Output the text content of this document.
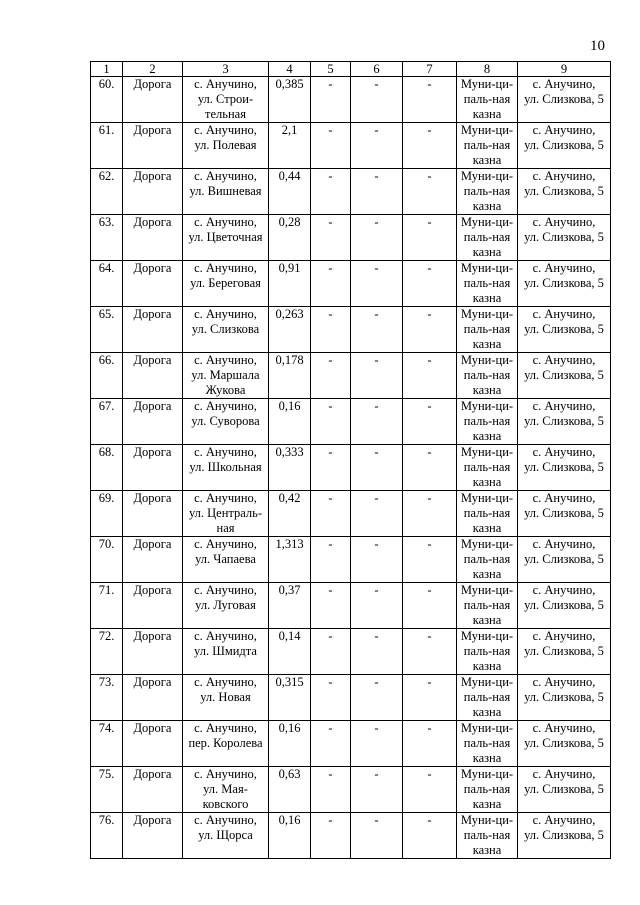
10
1	2	3	4	5	6	7	8	9
60.	Дорога	с. Анучино,
ул. Строи-
тельная	0,385	-	-	-	Муни-ци-
паль-ная
казна	с. Анучино,
ул. Слизкова, 5
61.	Дорога	с. Анучино,
ул. Полевая	2,1	-	-	-	Муни-ци-
паль-ная
казна	с. Анучино,
ул. Слизкова, 5
62.	Дорога	с. Анучино,
ул. Вишневая	0,44	-	-	-	Муни-ци-
паль-ная
казна	с. Анучино,
ул. Слизкова, 5
63.	Дорога	с. Анучино,
ул. Цветочная	0,28	-	-	-	Муни-ци-
паль-ная
казна	с. Анучино,
ул. Слизкова, 5
64.	Дорога	с. Анучино,
ул. Береговая	0,91	-	-	-	Муни-ци-
паль-ная
казна	с. Анучино,
ул. Слизкова, 5
65.	Дорога	с. Анучино,
ул. Слизкова	0,263	-	-	-	Муни-ци-
паль-ная
казна	с. Анучино,
ул. Слизкова, 5
66.	Дорога	с. Анучино,
ул. Маршала
Жукова	0,178	-	-	-	Муни-ци-
паль-ная
казна	с. Анучино,
ул. Слизкова, 5
67.	Дорога	с. Анучино,
ул. Суворова	0,16	-	-	-	Муни-ци-
паль-ная
казна	с. Анучино,
ул. Слизкова, 5
68.	Дорога	с. Анучино,
ул. Школьная	0,333	-	-	-	Муни-ци-
паль-ная
казна	с. Анучино,
ул. Слизкова, 5
69.	Дорога	с. Анучино,
ул. Централь-
ная	0,42	-	-	-	Муни-ци-
паль-ная
казна	с. Анучино,
ул. Слизкова, 5
70.	Дорога	с. Анучино,
ул. Чапаева	1,313	-	-	-	Муни-ци-
паль-ная
казна	с. Анучино,
ул. Слизкова, 5
71.	Дорога	с. Анучино,
ул. Луговая	0,37	-	-	-	Муни-ци-
паль-ная
казна	с. Анучино,
ул. Слизкова, 5
72.	Дорога	с. Анучино,
ул. Шмидта	0,14	-	-	-	Муни-ци-
паль-ная
казна	с. Анучино,
ул. Слизкова, 5
73.	Дорога	с. Анучино,
ул. Новая	0,315	-	-	-	Муни-ци-
паль-ная
казна	с. Анучино,
ул. Слизкова, 5
74.	Дорога	с. Анучино,
пер. Королева	0,16	-	-	-	Муни-ци-
паль-ная
казна	с. Анучино,
ул. Слизкова, 5
75.	Дорога	с. Анучино,
ул. Мая-
ковского	0,63	-	-	-	Муни-ци-
паль-ная
казна	с. Анучино,
ул. Слизкова, 5
76.	Дорога	с. Анучино,
ул. Щорса	0,16	-	-	-	Муни-ци-
паль-ная
казна	с. Анучино,
ул. Слизкова, 5
